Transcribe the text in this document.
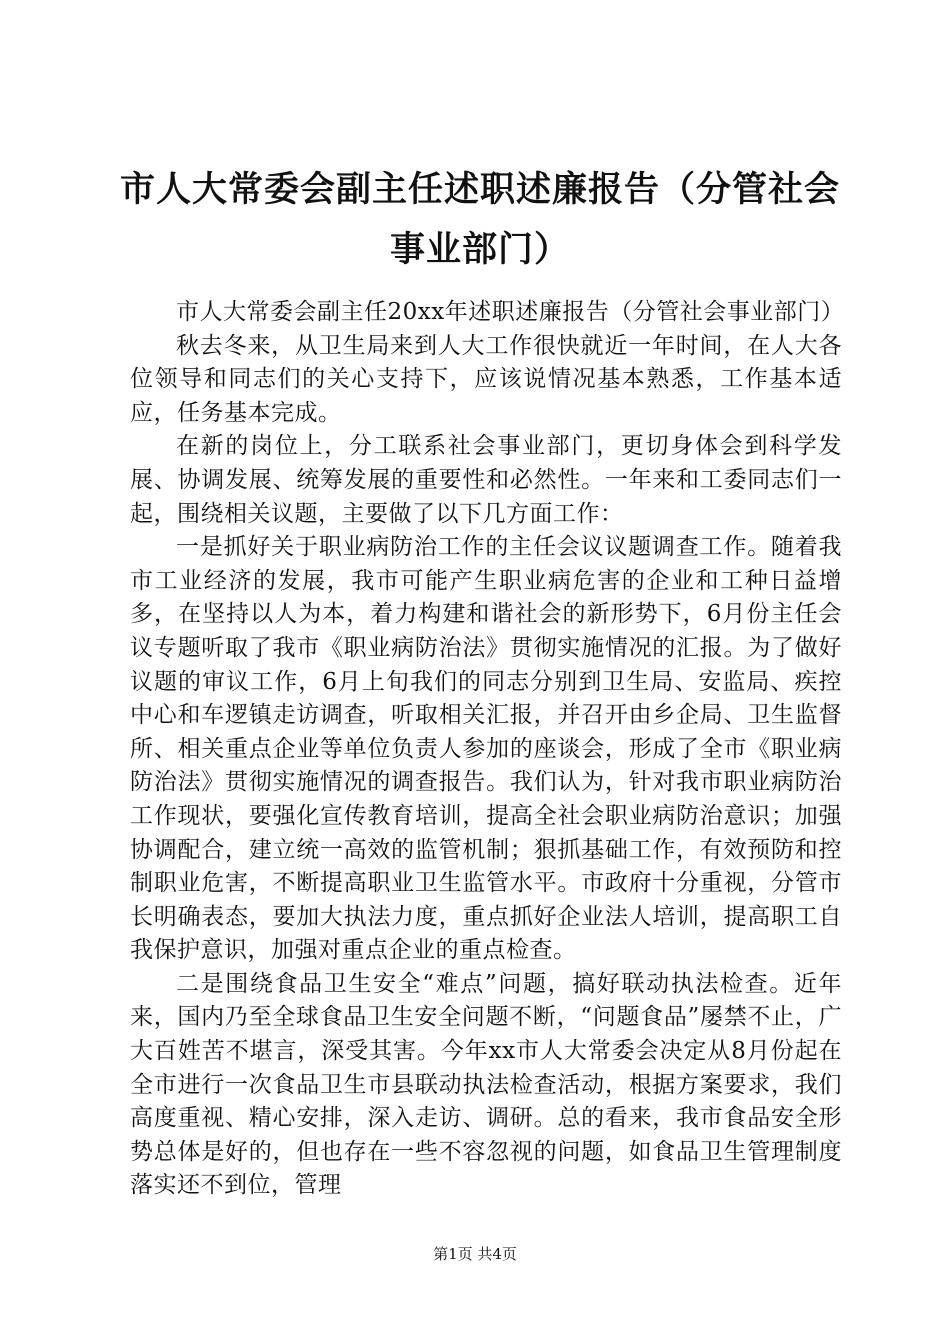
市人大常委会副主任述职述廉报告（分管社会
事业部门）

市人大常委会副主任20xx年述职述廉报告（分管社会事业部门）

秋去冬来，从卫生局来到人大工作很快就近一年时间，在人大各位领导和同志们的关心支持下，应该说情况基本熟悉，工作基本适应，任务基本完成。

在新的岗位上，分工联系社会事业部门，更切身体会到科学发展、协调发展、统筹发展的重要性和必然性。一年来和工委同志们一起，围绕相关议题，主要做了以下几方面工作：

一是抓好关于职业病防治工作的主任会议议题调查工作。随着我市工业经济的发展，我市可能产生职业病危害的企业和工种日益增多，在坚持以人为本，着力构建和谐社会的新形势下，6月份主任会议专题听取了我市《职业病防治法》贯彻实施情况的汇报。为了做好议题的审议工作，6月上旬我们的同志分别到卫生局、安监局、疾控中心和车逻镇走访调查，听取相关汇报，并召开由乡企局、卫生监督所、相关重点企业等单位负责人参加的座谈会，形成了全市《职业病防治法》贯彻实施情况的调查报告。我们认为，针对我市职业病防治工作现状，要强化宣传教育培训，提高全社会职业病防治意识；加强协调配合，建立统一高效的监管机制；狠抓基础工作，有效预防和控制职业危害，不断提高职业卫生监管水平。市政府十分重视，分管市长明确表态，要加大执法力度，重点抓好企业法人培训，提高职工自我保护意识，加强对重点企业的重点检查。

二是围绕食品卫生安全“难点”问题，搞好联动执法检查。近年来，国内乃至全球食品卫生安全问题不断，“问题食品”屡禁不止，广大百姓苦不堪言，深受其害。今年xx市人大常委会决定从8月份起在全市进行一次食品卫生市县联动执法检查活动，根据方案要求，我们高度重视、精心安排，深入走访、调研。总的看来，我市食品安全形势总体是好的，但也存在一些不容忽视的问题，如食品卫生管理制度落实还不到位，管理

第1页 共4页
